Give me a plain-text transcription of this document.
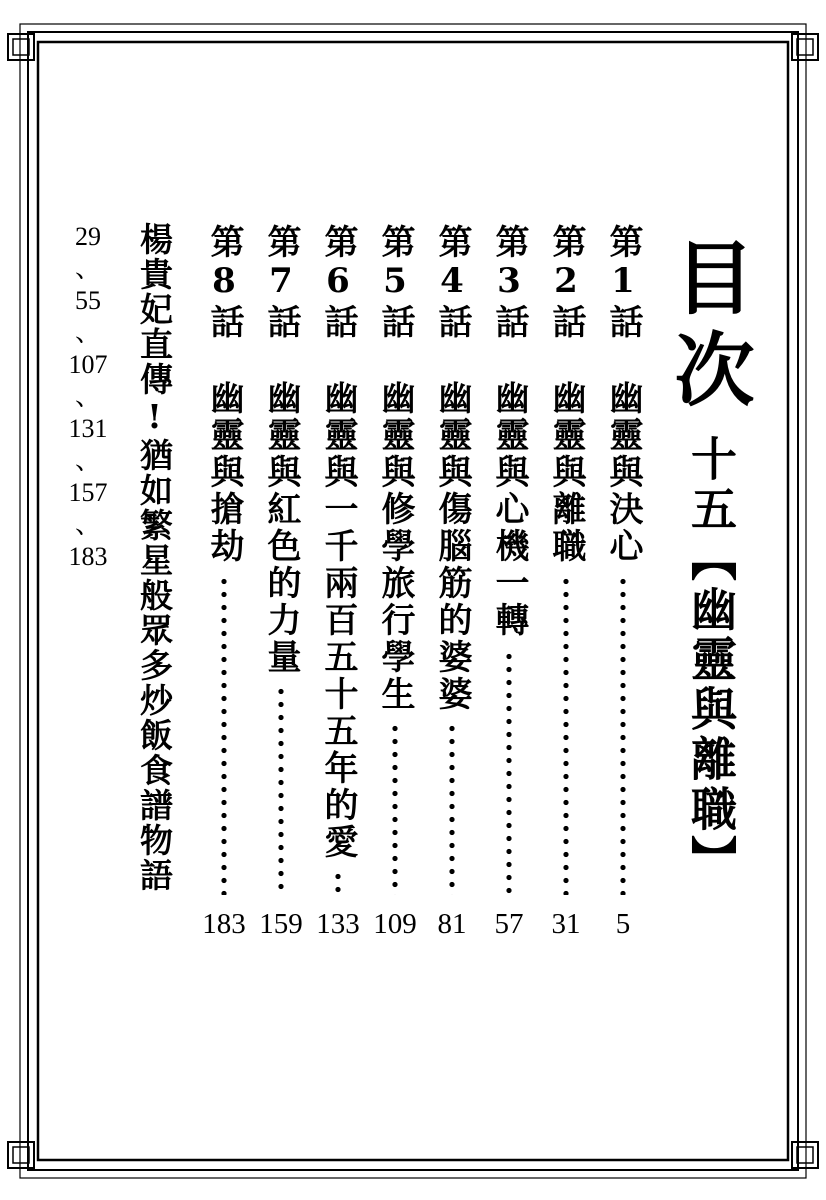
目次
十五【幽靈與離職】
第1話
幽靈與決心
5
第2話
幽靈與離職
31
第3話
幽靈與心機一轉
57
第4話
幽靈與傷腦筋的婆婆
81
第5話
幽靈與修學旅行學生
109
第6話
幽靈與一千兩百五十五年的愛
133
第7話
幽靈與紅色的力量
159
第8話
幽靈與搶劫
183
楊貴妃直傳!猶如繁星般眾多炒飯食譜物語
29
、
55
、
107
、
131
、
157
、
183
